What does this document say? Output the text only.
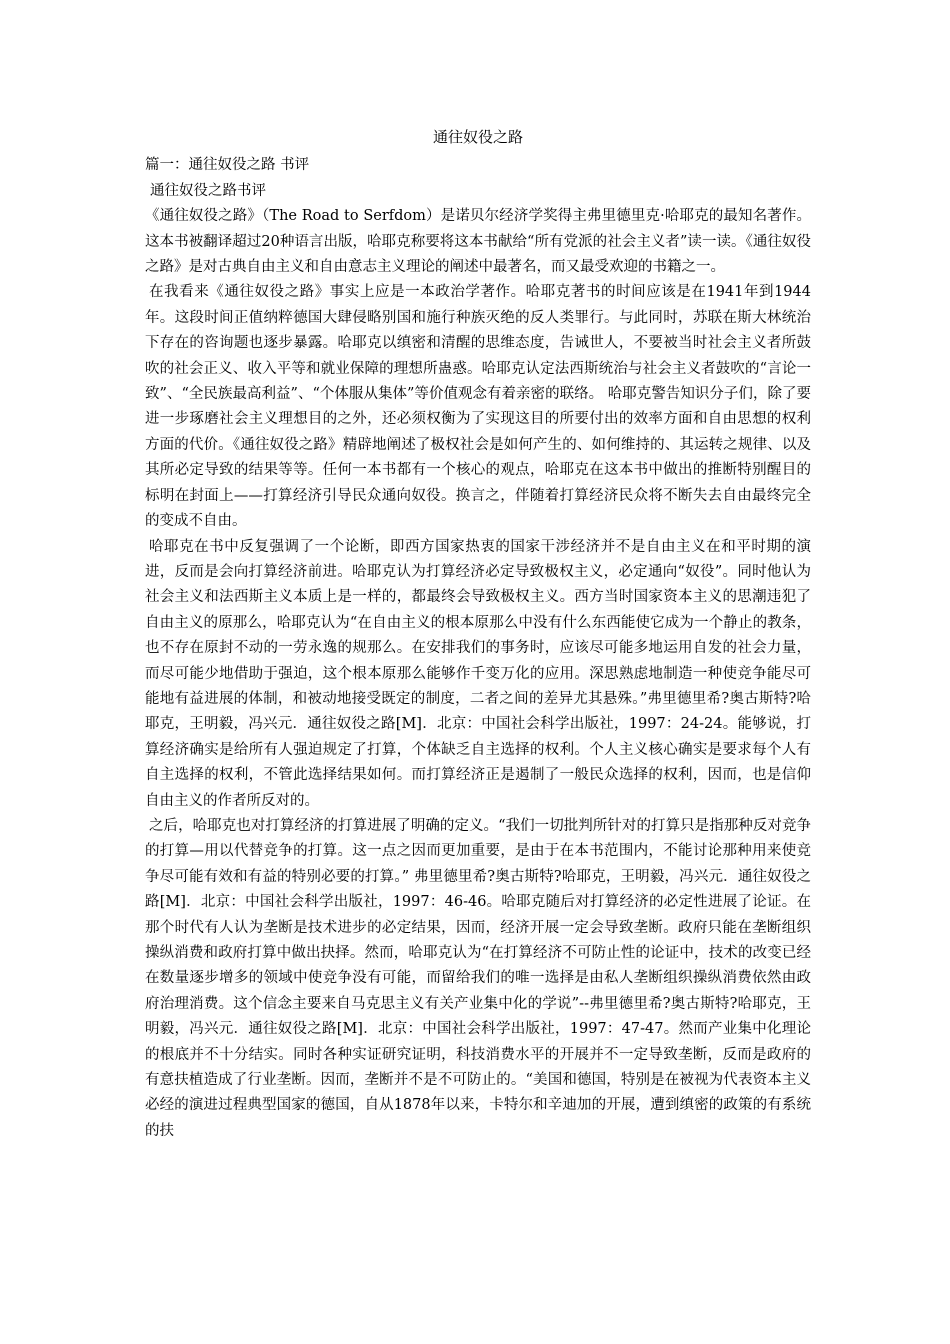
通往奴役之路
篇一：通往奴役之路 书评
通往奴役之路书评

《通往奴役之路》（The Road to Serfdom）是诺贝尔经济学奖得主弗里德里克·哈耶克的最知名著作。这本书被翻译超过20种语言出版，哈耶克称要将这本书献给“所有党派的社会主义者”读一读。《通往奴役之路》是对古典自由主义和自由意志主义理论的阐述中最著名，而又最受欢迎的书籍之一。

在我看来《通往奴役之路》事实上应是一本政治学著作。哈耶克著书的时间应该是在1941年到1944年。这段时间正值纳粹德国大肆侵略别国和施行种族灭绝的反人类罪行。与此同时，苏联在斯大林统治下存在的咨询题也逐步暴露。哈耶克以缜密和清醒的思维态度，告诫世人，不要被当时社会主义者所鼓吹的社会正义、收入平等和就业保障的理想所蛊惑。哈耶克认定法西斯统治与社会主义者鼓吹的“言论一致”、“全民族最高利益”、“个体服从集体”等价值观念有着亲密的联络。 哈耶克警告知识分子们，除了要进一步琢磨社会主义理想目的之外，还必须权衡为了实现这目的所要付出的效率方面和自由思想的权利方面的代价。《通往奴役之路》精辟地阐述了极权社会是如何产生的、如何维持的、其运转之规律、以及其所必定导致的结果等等。任何一本书都有一个核心的观点，哈耶克在这本书中做出的推断特别醒目的标明在封面上——打算经济引导民众通向奴役。换言之，伴随着打算经济民众将不断失去自由最终完全的变成不自由。

哈耶克在书中反复强调了一个论断，即西方国家热衷的国家干涉经济并不是自由主义在和平时期的演进，反而是会向打算经济前进。哈耶克认为打算经济必定导致极权主义，必定通向“奴役”。同时他认为社会主义和法西斯主义本质上是一样的，都最终会导致极权主义。西方当时国家资本主义的思潮违犯了自由主义的原那么，哈耶克认为“在自由主义的根本原那么中没有什么东西能使它成为一个静止的教条，也不存在原封不动的一劳永逸的规那么。在安排我们的事务时，应该尽可能多地运用自发的社会力量，而尽可能少地借助于强迫，这个根本原那么能够作千变万化的应用。深思熟虑地制造一种使竞争能尽可能地有益进展的体制，和被动地接受既定的制度，二者之间的差异尤其悬殊。”弗里德里希?奥古斯特?哈耶克，王明毅，冯兴元．通往奴役之路[M]．北京：中国社会科学出版社，1997：24-24。能够说，打算经济确实是给所有人强迫规定了打算，个体缺乏自主选择的权利。个人主义核心确实是要求每个人有自主选择的权利，不管此选择结果如何。而打算经济正是遏制了一般民众选择的权利，因而，也是信仰自由主义的作者所反对的。

之后，哈耶克也对打算经济的打算进展了明确的定义。“我们一切批判所针对的打算只是指那种反对竞争的打算—用以代替竞争的打算。这一点之因而更加重要，是由于在本书范围内，不能讨论那种用来使竞争尽可能有效和有益的特别必要的打算。” 弗里德里希?奥古斯特?哈耶克，王明毅，冯兴元．通往奴役之路[M]．北京：中国社会科学出版社，1997：46-46。哈耶克随后对打算经济的必定性进展了论证。在那个时代有人认为垄断是技术进步的必定结果，因而，经济开展一定会导致垄断。政府只能在垄断组织操纵消费和政府打算中做出抉择。然而，哈耶克认为“在打算经济不可防止性的论证中，技术的改变已经在数量逐步增多的领域中使竞争没有可能，而留给我们的唯一选择是由私人垄断组织操纵消费依然由政府治理消费。这个信念主要来自马克思主义有关产业集中化的学说”--弗里德里希?奥古斯特?哈耶克，王明毅，冯兴元．通往奴役之路[M]．北京：中国社会科学出版社，1997：47-47。然而产业集中化理论的根底并不十分结实。同时各种实证研究证明，科技消费水平的开展并不一定导致垄断，反而是政府的有意扶植造成了行业垄断。因而，垄断并不是不可防止的。“美国和德国，特别是在被视为代表资本主义必经的演进过程典型国家的德国，自从1878年以来，卡特尔和辛迪加的开展，遭到缜密的政策的有系统的扶
